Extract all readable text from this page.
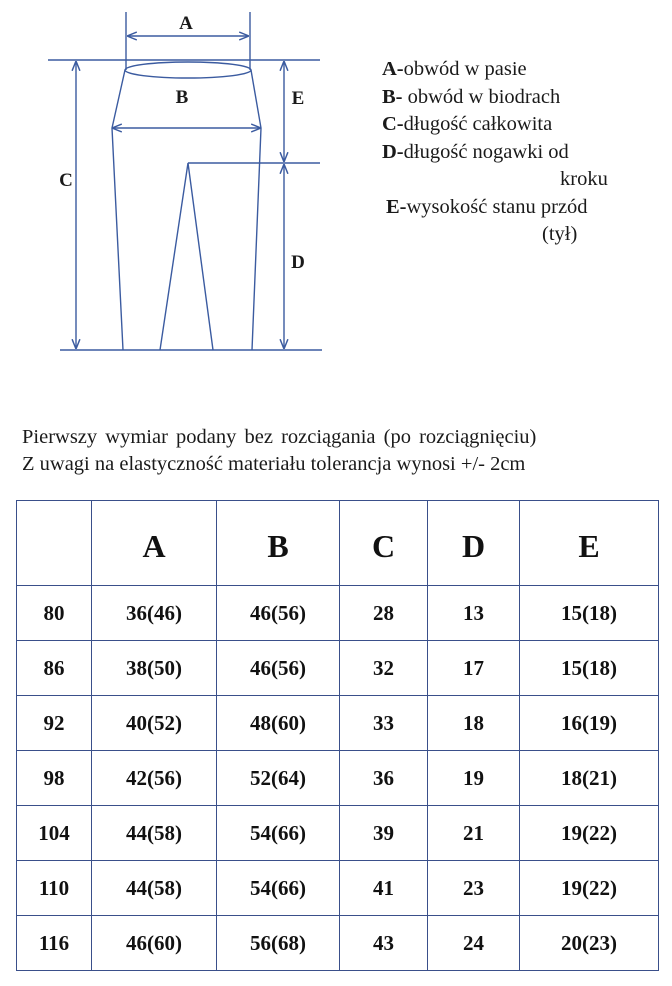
A
B
C
E
D
A-obwód w pasie
B- obwód w biodrach
C-długość całkowita
D-długość nogawki od
kroku
E-wysokość stanu przód
(tył)
Pierwszy wymiar podany bez rozciągania (po rozciągnięciu)
Z uwagi na elastyczność materiału tolerancja wynosi +/- 2cm
	A	B	C	D	E
80	36(46)	46(56)	28	13	15(18)
86	38(50)	46(56)	32	17	15(18)
92	40(52)	48(60)	33	18	16(19)
98	42(56)	52(64)	36	19	18(21)
104	44(58)	54(66)	39	21	19(22)
110	44(58)	54(66)	41	23	19(22)
116	46(60)	56(68)	43	24	20(23)
